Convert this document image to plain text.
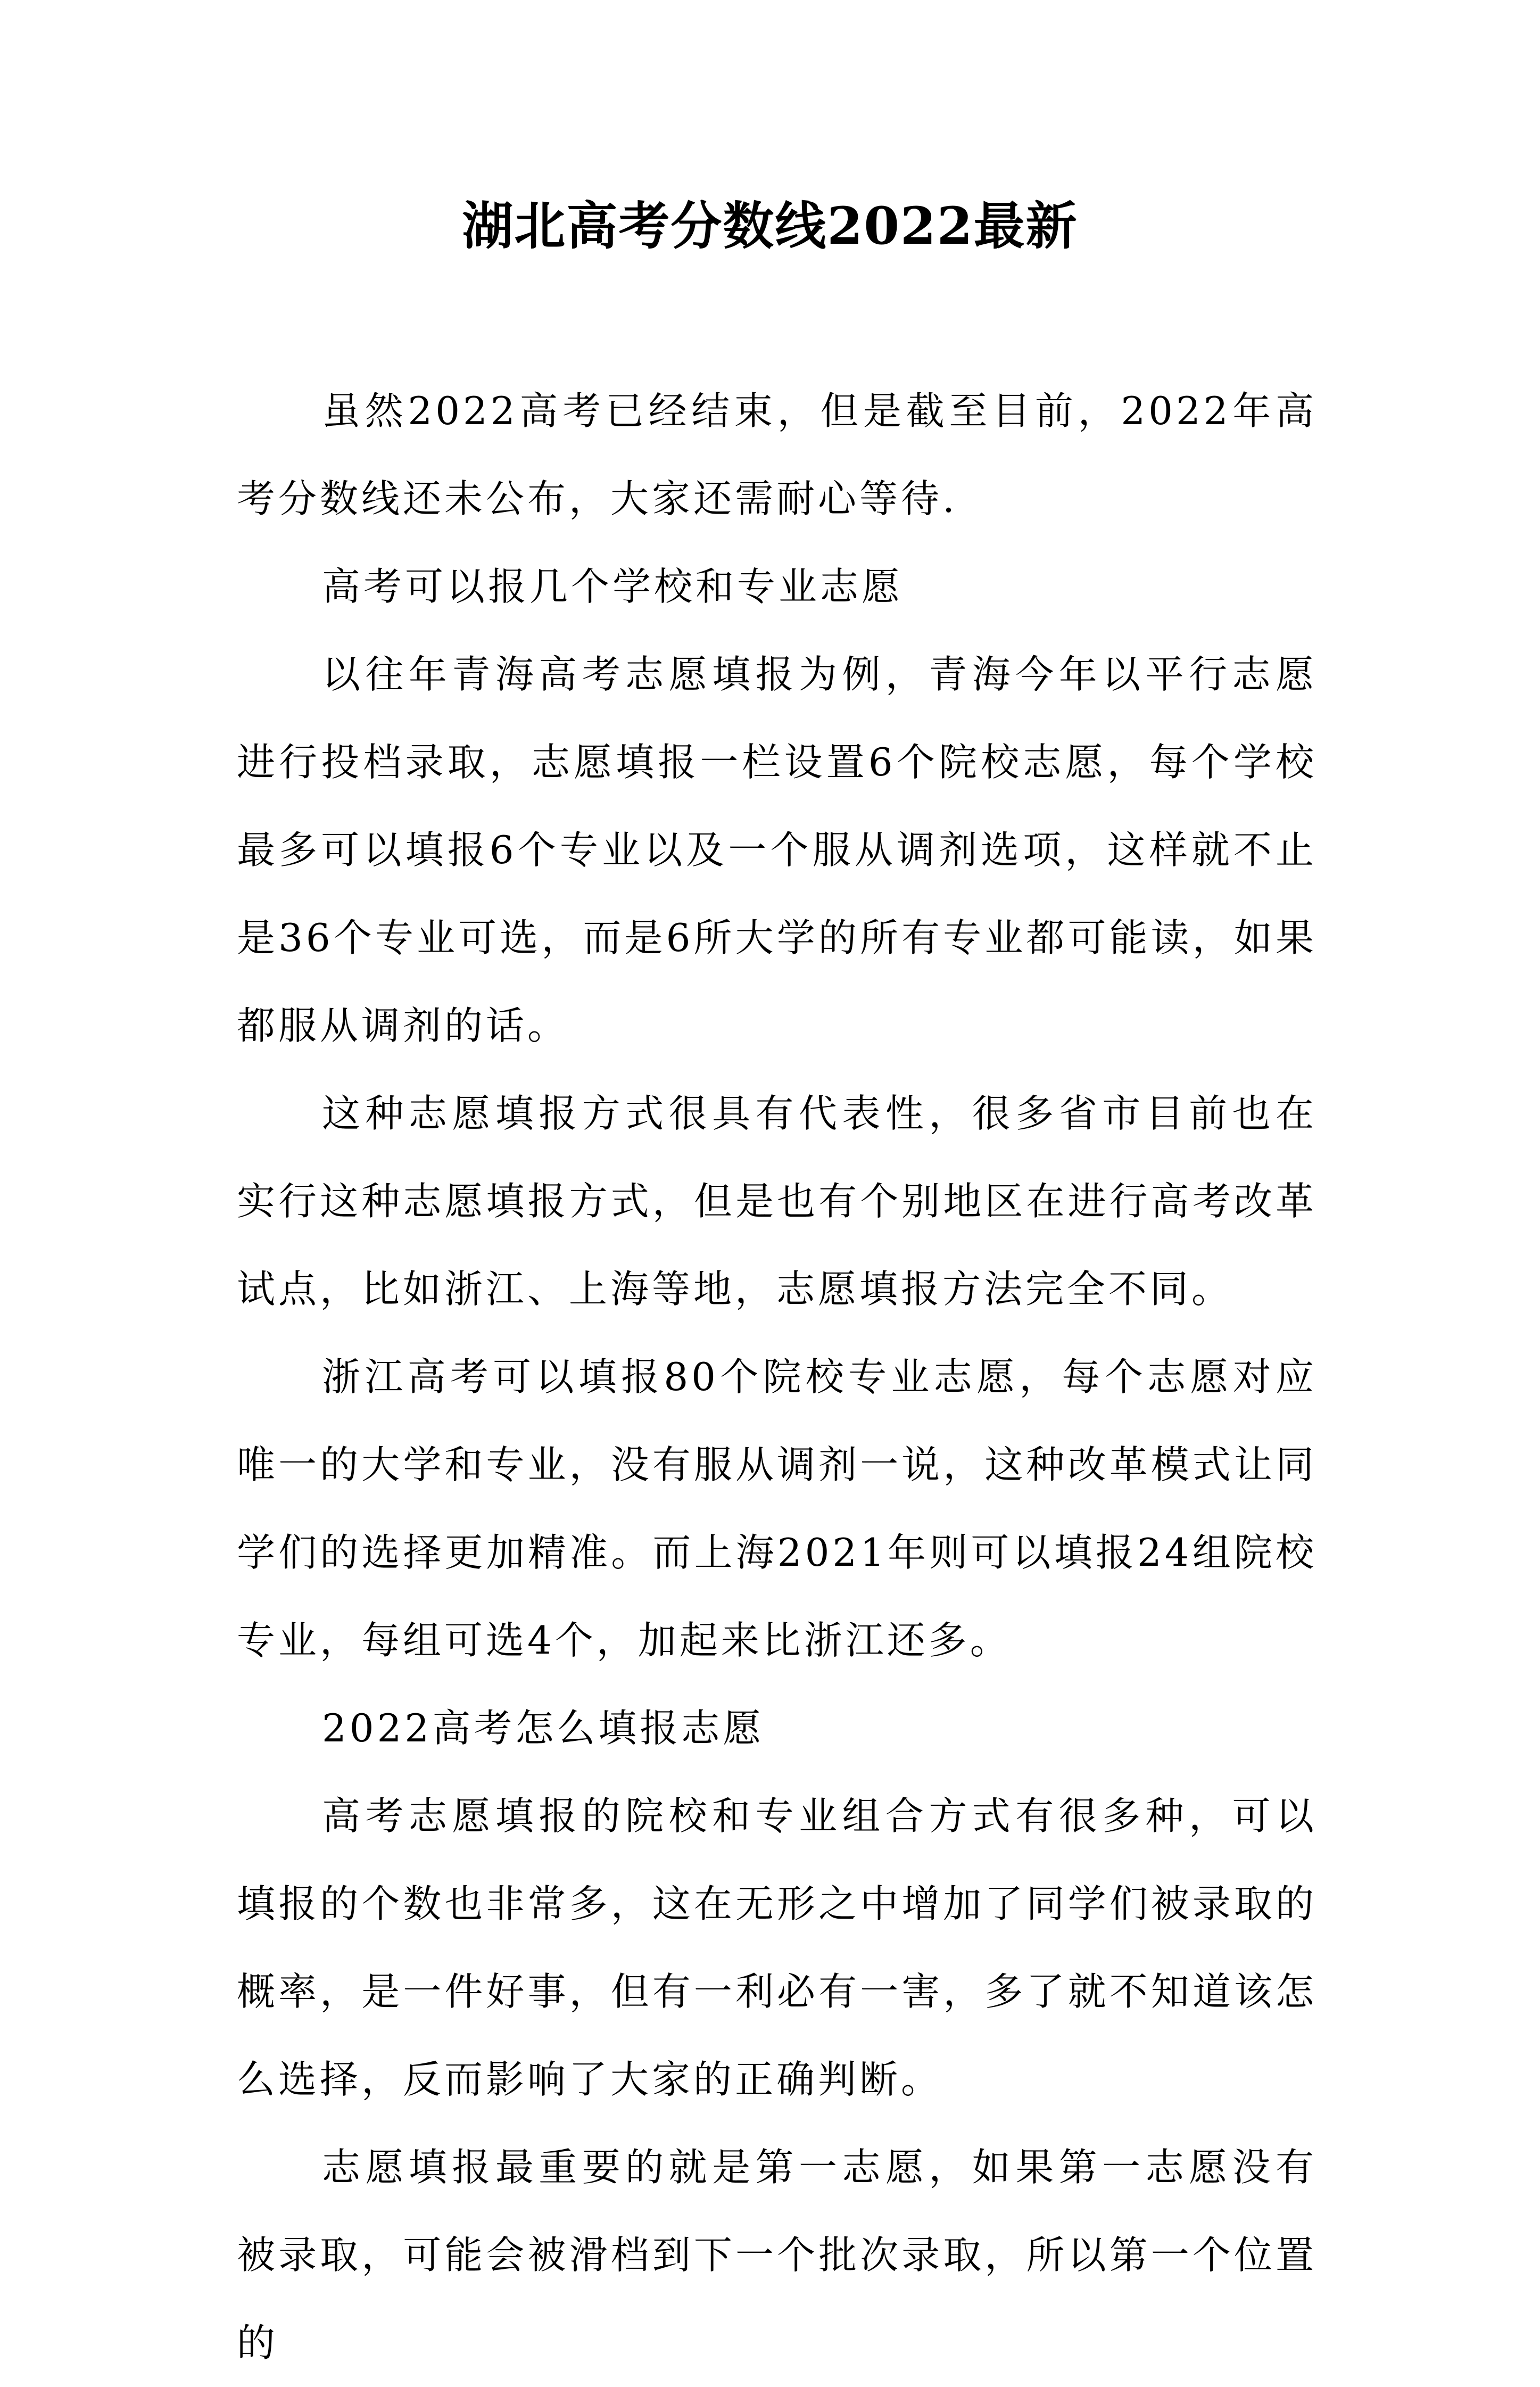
湖北高考分数线2022最新

虽然2022高考已经结束，但是截至目前，2022年高考分数线还未公布，大家还需耐心等待.

高考可以报几个学校和专业志愿

以往年青海高考志愿填报为例，青海今年以平行志愿进行投档录取，志愿填报一栏设置6个院校志愿，每个学校最多可以填报6个专业以及一个服从调剂选项，这样就不止是36个专业可选，而是6所大学的所有专业都可能读，如果都服从调剂的话。

这种志愿填报方式很具有代表性，很多省市目前也在实行这种志愿填报方式，但是也有个别地区在进行高考改革试点，比如浙江、上海等地，志愿填报方法完全不同。

浙江高考可以填报80个院校专业志愿，每个志愿对应唯一的大学和专业，没有服从调剂一说，这种改革模式让同学们的选择更加精准。而上海2021年则可以填报24组院校专业，每组可选4个，加起来比浙江还多。

2022高考怎么填报志愿

高考志愿填报的院校和专业组合方式有很多种，可以填报的个数也非常多，这在无形之中增加了同学们被录取的概率，是一件好事，但有一利必有一害，多了就不知道该怎么选择，反而影响了大家的正确判断。

志愿填报最重要的就是第一志愿，如果第一志愿没有被录取，可能会被滑档到下一个批次录取，所以第一个位置的
